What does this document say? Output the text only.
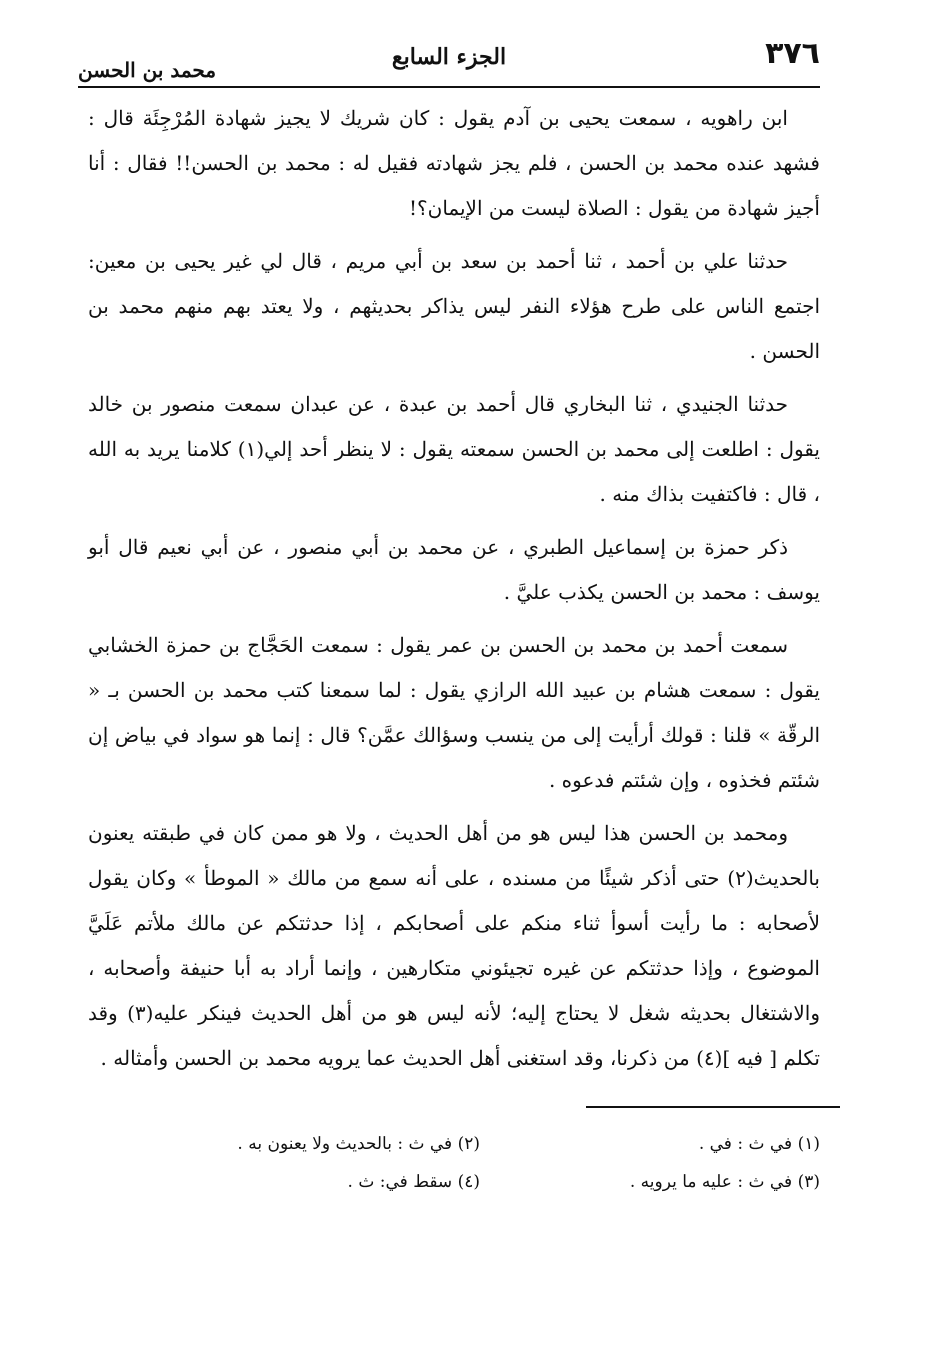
٣٧٦
الجزء السابع
محمد بن الحسن

ابن راهويه ، سمعت يحيى بن آدم يقول : كان شريك لا يجيز شهادة المُرْجِئَة قال : فشهد عنده محمد بن الحسن ، فلم يجز شهادته فقيل له : محمد بن الحسن!! فقال : أنا أجيز شهادة من يقول : الصلاة ليست من الإيمان؟!

حدثنا علي بن أحمد ، ثنا أحمد بن سعد بن أبي مريم ، قال لي غير يحيى بن معين: اجتمع الناس على طرح هؤلاء النفر ليس يذاكر بحديثهم ، ولا يعتد بهم منهم محمد بن الحسن .

حدثنا الجنيدي ، ثنا البخاري قال أحمد بن عبدة ، عن عبدان سمعت منصور بن خالد يقول : اطلعت إلى محمد بن الحسن سمعته يقول : لا ينظر أحد إلي(١) كلامنا يريد به الله ، قال : فاكتفيت بذاك منه .

ذكر حمزة بن إسماعيل الطبري ، عن محمد بن أبي منصور ، عن أبي نعيم قال أبو يوسف : محمد بن الحسن يكذب عليَّ .

سمعت أحمد بن محمد بن الحسن بن عمر يقول : سمعت الحَجَّاج بن حمزة الخشابي يقول : سمعت هشام بن عبيد الله الرازي يقول : لما سمعنا كتب محمد بن الحسن بـ « الرقّة » قلنا : قولك أرأيت إلى من ينسب وسؤالك عمَّن؟ قال : إنما هو سواد في بياض إن شئتم فخذوه ، وإن شئتم فدعوه .

ومحمد بن الحسن هذا ليس هو من أهل الحديث ، ولا هو ممن كان في طبقته يعنون بالحديث(٢) حتى أذكر شيئًا من مسنده ، على أنه سمع من مالك « الموطأ » وكان يقول لأصحابه : ما رأيت أسوأ ثناء منكم على أصحابكم ، إذا حدثتكم عن مالك ملأتم عَلَيَّ الموضوع ، وإذا حدثتكم عن غيره تجيئوني متكارهين ، وإنما أراد به أبا حنيفة وأصحابه ، والاشتغال بحديثه شغل لا يحتاج إليه؛ لأنه ليس هو من أهل الحديث فينكر عليه(٣) وقد تكلم [ فيه ](٤) من ذكرنا، وقد استغنى أهل الحديث عما يرويه محمد بن الحسن وأمثاله .

(١) في ث : في .
(٢) في ث : بالحديث ولا يعنون به .
(٣) في ث : عليه ما يرويه .
(٤) سقط في: ث .
